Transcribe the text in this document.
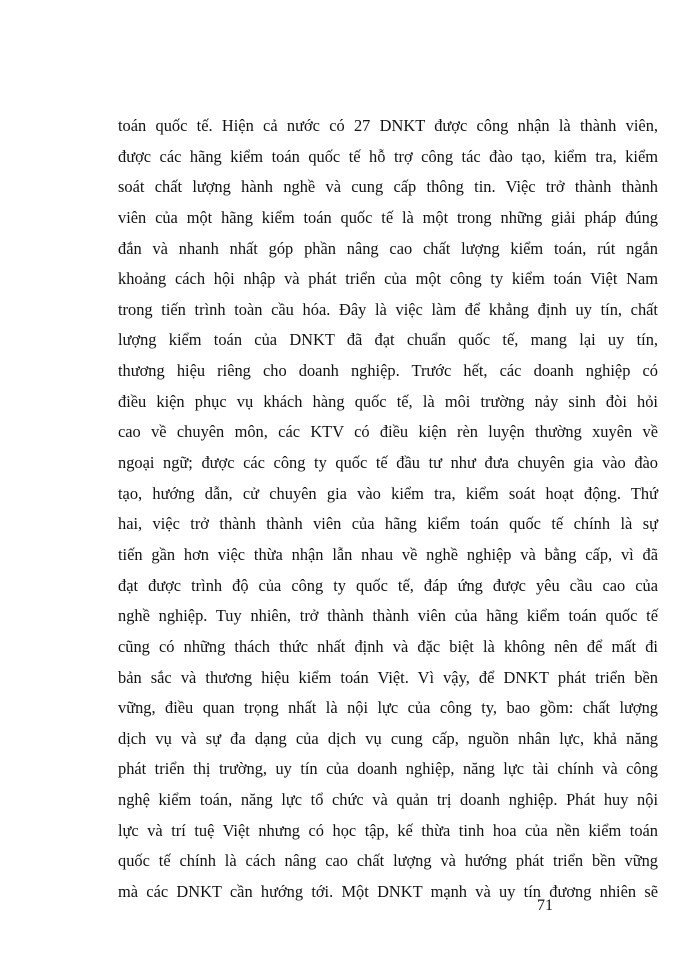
toán quốc tế. Hiện cả nước có 27 DNKT được công nhận là thành viên,
được các hãng kiểm toán quốc tế hỗ trợ công tác đào tạo, kiểm tra, kiểm
soát chất lượng hành nghề và cung cấp thông tin. Việc trở thành thành
viên của một hãng kiểm toán quốc tế là một trong những giải pháp đúng
đắn và nhanh nhất góp phần nâng cao chất lượng kiểm toán, rút ngắn
khoảng cách hội nhập và phát triển của một công ty kiểm toán Việt Nam
trong tiến trình toàn cầu hóa. Đây là việc làm để khẳng định uy tín, chất
lượng kiểm toán của DNKT đã đạt chuẩn quốc tế, mang lại uy tín,
thương hiệu riêng cho doanh nghiệp. Trước hết, các doanh nghiệp có
điều kiện phục vụ khách hàng quốc tế, là môi trường nảy sinh đòi hỏi
cao về chuyên môn, các KTV có điều kiện rèn luyện thường xuyên về
ngoại ngữ; được các công ty quốc tế đầu tư như đưa chuyên gia vào đào
tạo, hướng dẫn, cử chuyên gia vào kiểm tra, kiểm soát hoạt động. Thứ
hai, việc trở thành thành viên của hãng kiểm toán quốc tế chính là sự
tiến gần hơn việc thừa nhận lẫn nhau về nghề nghiệp và bằng cấp, vì đã
đạt được trình độ của công ty quốc tế, đáp ứng được yêu cầu cao của
nghề nghiệp. Tuy nhiên, trở thành thành viên của hãng kiểm toán quốc tế
cũng có những thách thức nhất định và đặc biệt là không nên để mất đi
bản sắc và thương hiệu kiểm toán Việt. Vì vậy, để DNKT phát triển bền
vững, điều quan trọng nhất là nội lực của công ty, bao gồm: chất lượng
dịch vụ và sự đa dạng của dịch vụ cung cấp, nguồn nhân lực, khả năng
phát triển thị trường, uy tín của doanh nghiệp, năng lực tài chính và công
nghệ kiểm toán, năng lực tổ chức và quản trị doanh nghiệp. Phát huy nội
lực và trí tuệ Việt nhưng có học tập, kế thừa tinh hoa của nền kiểm toán
quốc tế chính là cách nâng cao chất lượng và hướng phát triển bền vững
mà các DNKT cần hướng tới. Một DNKT mạnh và uy tín đương nhiên sẽ
71
